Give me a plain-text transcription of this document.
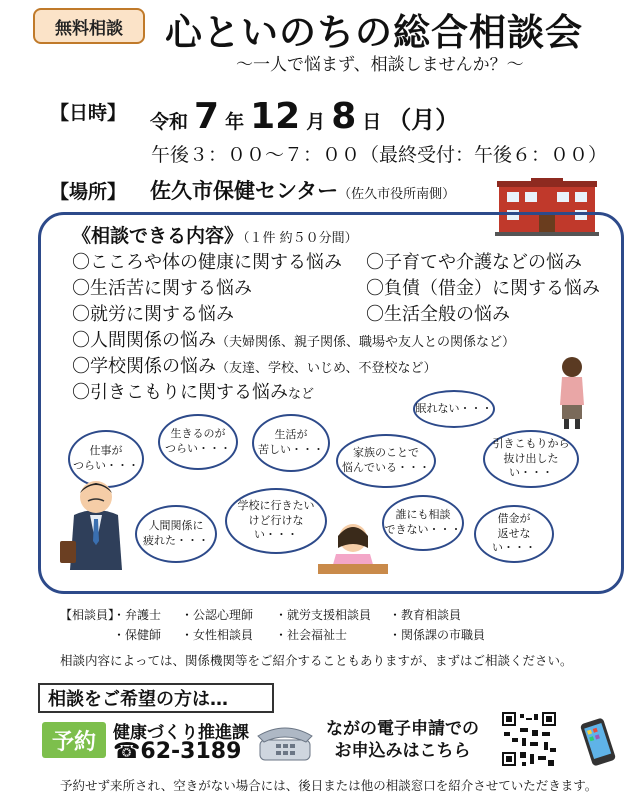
無料相談	心といのちの総合相談会
～一人で悩まず、相談しませんか？～
【日時】 令和 7 年 12 月 8 日 （月）
午後３：００～７：００（最終受付：午後６：００）
【場所】 佐久市保健センター（佐久市役所南側）
《相談できる内容》（１件 約５０分間）
〇こころや体の健康に関する悩み 〇子育てや介護などの悩み
〇生活苦に関する悩み	〇負債（借金）に関する悩み
〇就労に関する悩み	〇生活全般の悩み
〇人間関係の悩み（夫婦関係、親子関係、職場や友人との関係など）
〇学校関係の悩み（友達、学校、いじめ、不登校など）
〇引きこもりに関する悩みなど
眠れない・・・
仕事が
つらい・・・
生きるのが
つらい・・・
生活が
苦しい・・・	家族のことで
悩んでいる・・・
引きこもりから
抜け出したい・・・
人間関係に
疲れた・・・
学校に行きたい
けど行けない・・・
誰にも相談
できない・・・
借金が
返せない・・・
【相談員】
・弁護士 ・公認心理師 ・就労支援相談員 ・教育相談員
・保健師 ・女性相談員 ・社会福祉士	・関係課の市職員
相談内容によっては、関係機関等をご紹介することもありますが、まずはご相談ください。
相談をご希望の方は…
予約	健康づくり推進課
☎62-3189
ながの電子申請での
お申込みはこちら
予約せず来所され、空きがない場合には、後日または他の相談窓口を紹介させていただきます。
